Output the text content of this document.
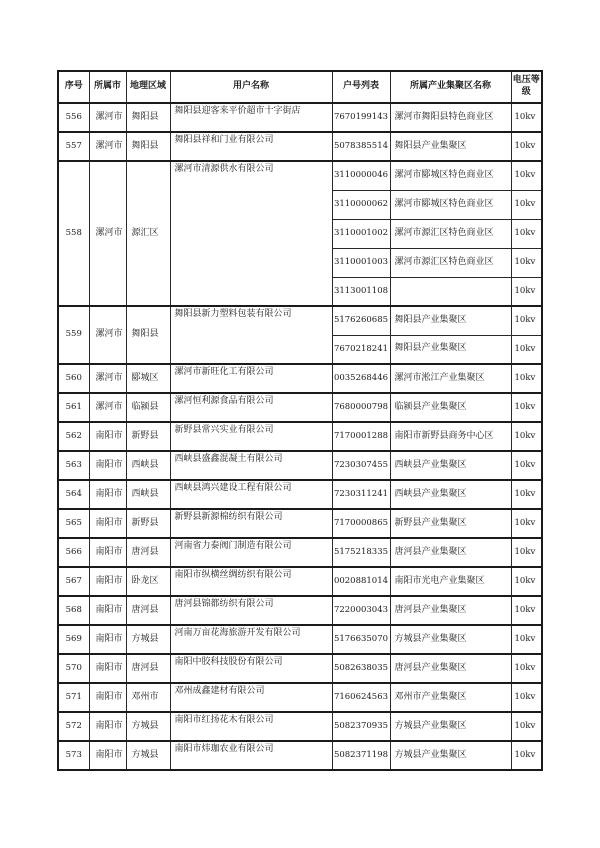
序号	所属市	地理区域	用户名称	户号列表	所属产业集聚区名称	电压等级
556	漯河市	舞阳县	舞阳县迎客来平价超市十字街店	7670199143	漯河市舞阳县特色商业区	10kv
557	漯河市	舞阳县	舞阳县祥和门业有限公司	5078385514	舞阳县产业集聚区	10kv
558	漯河市	源汇区	漯河市清源供水有限公司	3110000046	漯河市郾城区特色商业区	10kv
				3110000062	漯河市郾城区特色商业区	10kv
				3110001002	漯河市源汇区特色商业区	10kv
				3110001003	漯河市源汇区特色商业区	10kv
				3113001108		10kv
559	漯河市	舞阳县	舞阳县新力塑料包装有限公司	5176260685	舞阳县产业集聚区	10kv
				7670218241	舞阳县产业集聚区	10kv
560	漯河市	郾城区	漯河市新旺化工有限公司	0035268446	漯河市淞江产业集聚区	10kv
561	漯河市	临颍县	漯河恒利源食品有限公司	7680000798	临颍县产业集聚区	10kv
562	南阳市	新野县	新野县常兴实业有限公司	7170001288	南阳市新野县商务中心区	10kv
563	南阳市	西峡县	西峡县盛鑫混凝土有限公司	7230307455	西峡县产业集聚区	10kv
564	南阳市	西峡县	西峡县鸿兴建设工程有限公司	7230311241	西峡县产业集聚区	10kv
565	南阳市	新野县	新野县新源棉纺织有限公司	7170000865	新野县产业集聚区	10kv
566	南阳市	唐河县	河南省力泰阀门制造有限公司	5175218335	唐河县产业集聚区	10kv
567	南阳市	卧龙区	南阳市纵横丝绸纺织有限公司	0020881014	南阳市光电产业集聚区	10kv
568	南阳市	唐河县	唐河县锦都纺织有限公司	7220003043	唐河县产业集聚区	10kv
569	南阳市	方城县	河南万亩花海旅游开发有限公司	5176635070	方城县产业集聚区	10kv
570	南阳市	唐河县	南阳中胶科技股份有限公司	5082638035	唐河县产业集聚区	10kv
571	南阳市	邓州市	邓州成鑫建材有限公司	7160624563	邓州市产业集聚区	10kv
572	南阳市	方城县	南阳市红扬花木有限公司	5082370935	方城县产业集聚区	10kv
573	南阳市	方城县	南阳市炜珈农业有限公司	5082371198	方城县产业集聚区	10kv
